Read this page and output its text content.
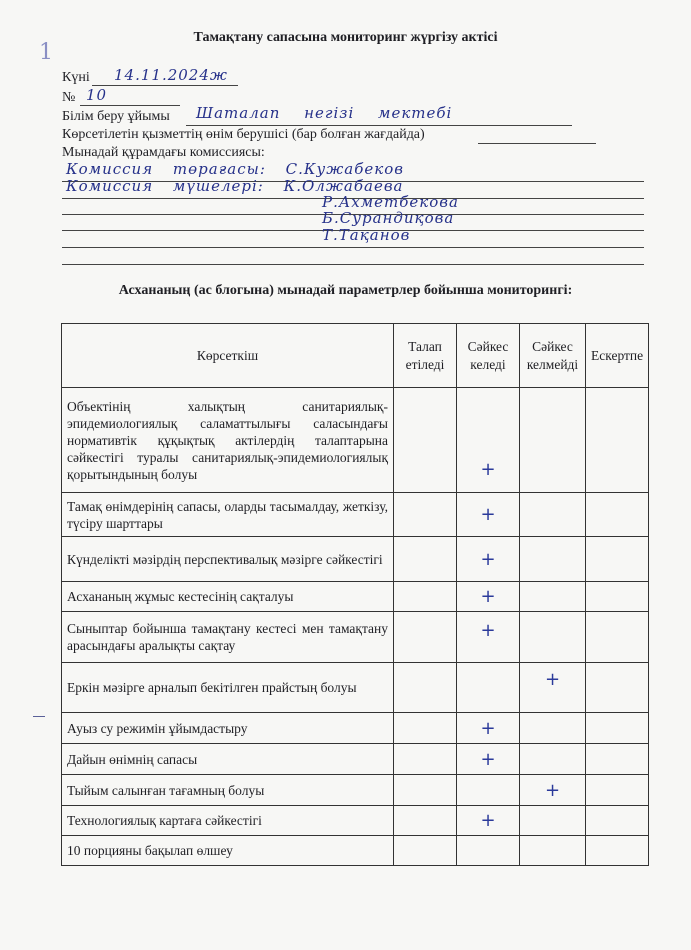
1
Тамақтану сапасына мониторинг жүргізу актісі
Күні 14.11.2024ж
№ 10
Білім беру ұйымы Шаталап негізі мектебі
Көрсетілетін қызметтің өнім берушісі (бар болған жағдайда)
Мынадай құрамдағы комиссиясы:
Комиссия төрағасы: С.Кужабеков
Комиссия мүшелері: К.Олжабаева
Р.Ахметбекова
Б.Сурандиқова
Т.Тақанов
Асхананың (ас блогына) мынадай параметрлер бойынша мониторингі:
Көрсеткіш	Талап етіледі	Сәйкес келеді	Сәйкес келмейді	Ескертпе
Объектінің халықтың санитариялық-эпидемиологиялық саламаттылығы саласындағы нормативтік құқықтық актілердің талаптарына сәйкестігі туралы санитариялық-эпидемиологиялық қорытындының болуы		+		
Тамақ өнімдерінің сапасы, оларды тасымалдау, жеткізу, түсіру шарттары		+		
Күнделікті мәзірдің перспективалық мәзірге сәйкестігі		+		
Асхананың жұмыс кестесінің сақталуы		+		
Сыныптар бойынша тамақтану кестесі мен тамақтану арасындағы аралықты сақтау		+		
Еркін мәзірге арналып бекітілген прайстың болуы			+	
Ауыз су режимін ұйымдастыру		+		
Дайын өнімнің сапасы		+		
Тыйым салынған тағамның болуы			+	
Технологиялық картаға сәйкестігі		+		
10 порцияны бақылап өлшеу				
